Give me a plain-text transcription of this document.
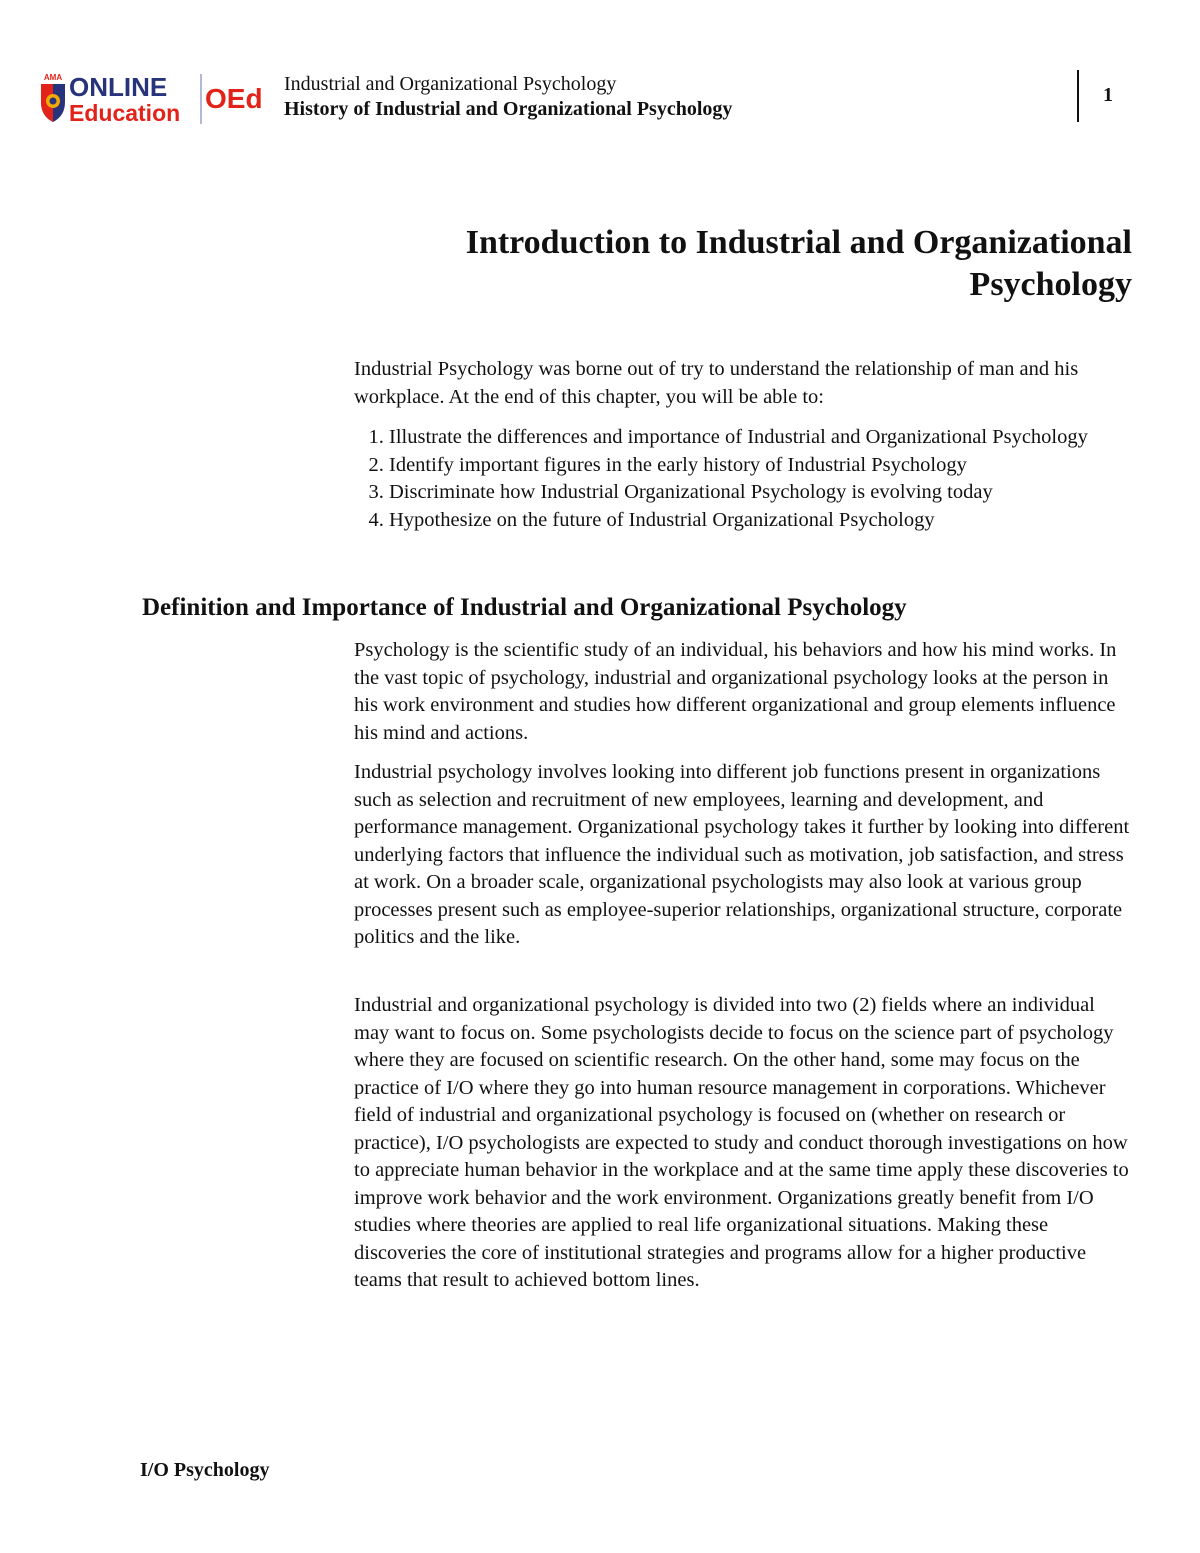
AMA ONLINE
Education OEd Industrial and Organizational Psychology
History of Industrial and Organizational Psychology
1
Introduction to Industrial and Organizational Psychology

Industrial Psychology was borne out of try to understand the relationship of man and his workplace. At the end of this chapter, you will be able to:

1. Illustrate the differences and importance of Industrial and Organizational Psychology
2. Identify important figures in the early history of Industrial Psychology
3. Discriminate how Industrial Organizational Psychology is evolving today
4. Hypothesize on the future of Industrial Organizational Psychology
Definition and Importance of Industrial and Organizational Psychology

Psychology is the scientific study of an individual, his behaviors and how his mind works. In the vast topic of psychology, industrial and organizational psychology looks at the person in his work environment and studies how different organizational and group elements influence his mind and actions.

Industrial psychology involves looking into different job functions present in organizations such as selection and recruitment of new employees, learning and development, and performance management. Organizational psychology takes it further by looking into different underlying factors that influence the individual such as motivation, job satisfaction, and stress at work. On a broader scale, organizational psychologists may also look at various group processes present such as employee-superior relationships, organizational structure, corporate politics and the like.

Industrial and organizational psychology is divided into two (2) fields where an individual may want to focus on. Some psychologists decide to focus on the science part of psychology where they are focused on scientific research. On the other hand, some may focus on the practice of I/O where they go into human resource management in corporations. Whichever field of industrial and organizational psychology is focused on (whether on research or practice), I/O psychologists are expected to study and conduct thorough investigations on how to appreciate human behavior in the workplace and at the same time apply these discoveries to improve work behavior and the work environment. Organizations greatly benefit from I/O studies where theories are applied to real life organizational situations. Making these discoveries the core of institutional strategies and programs allow for a higher productive teams that result to achieved bottom lines.

I/O Psychology
